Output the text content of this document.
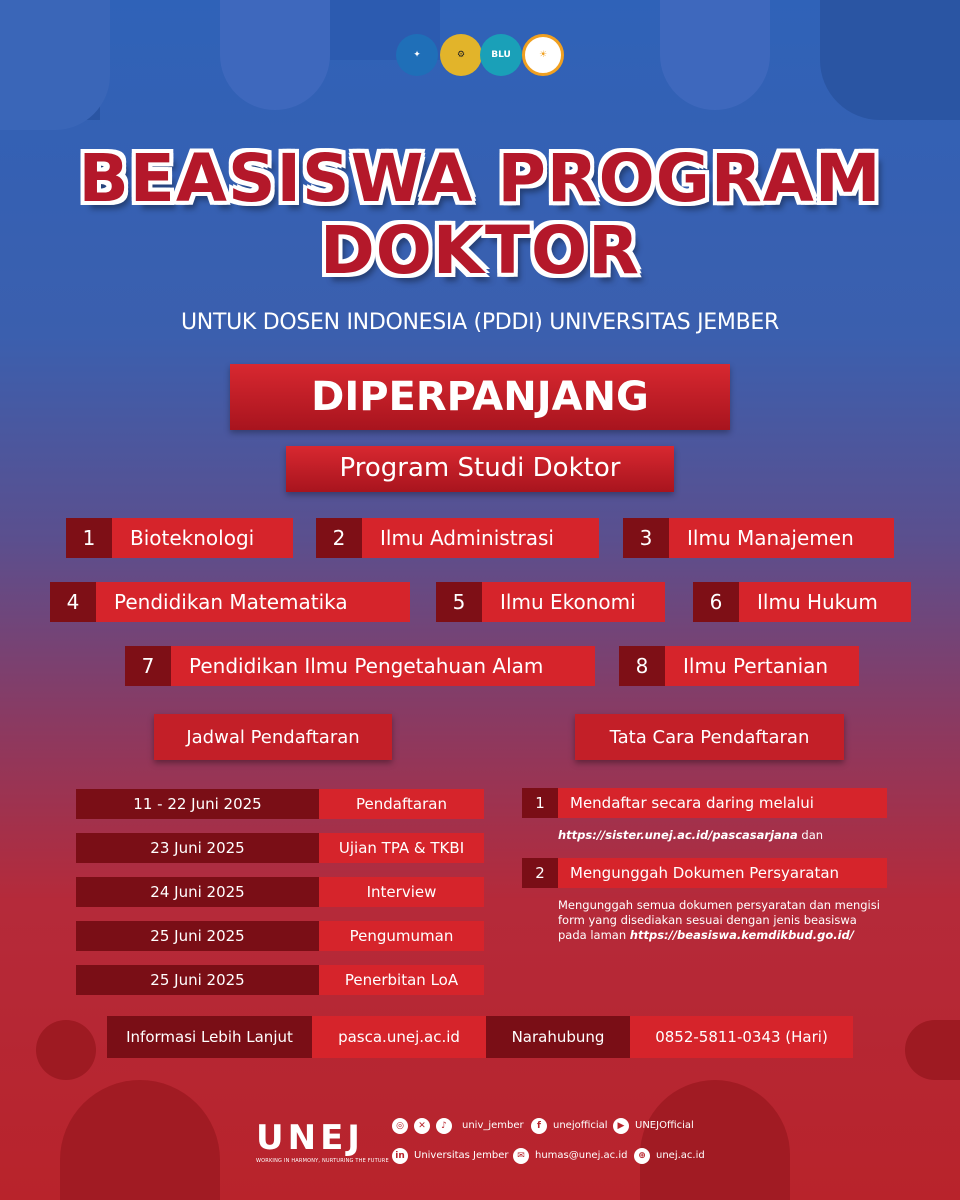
✦	⚙	BLU	☀
BEASISWA PROGRAM
DOKTOR
UNTUK DOSEN INDONESIA (PDDI) UNIVERSITAS JEMBER
DIPERPANJANG
Program Studi Doktor
1	Bioteknologi	2	Ilmu Administrasi	3	Ilmu Manajemen
4	Pendidikan Matematika	5	Ilmu Ekonomi	6	Ilmu Hukum
7	Pendidikan Ilmu Pengetahuan Alam	8	Ilmu Pertanian
Jadwal Pendaftaran	Tata Cara Pendaftaran
11 - 22 Juni 2025	Pendaftaran
23 Juni 2025	Ujian TPA & TKBI
24 Juni 2025	Interview
25 Juni 2025	Pengumuman
25 Juni 2025	Penerbitan LoA
1	Mendaftar secara daring melalui
https://sister.unej.ac.id/pascasarjana dan
2	Mengunggah Dokumen Persyaratan
Mengunggah semua dokumen persyaratan dan mengisi
form yang disediakan sesuai dengan jenis beasiswa
pada laman https://beasiswa.kemdikbud.go.id/
Informasi Lebih Lanjut	pasca.unej.ac.id	Narahubung	0852-5811-0343 (Hari)
UNEJ
WORKING IN HARMONY, NURTURING THE FUTURE
◎	✕	♪	univ_jember	f	unejofficial	▶	UNEJOfficial
in Universitas Jember ✉	humas@unej.ac.id	⊕	unej.ac.id
